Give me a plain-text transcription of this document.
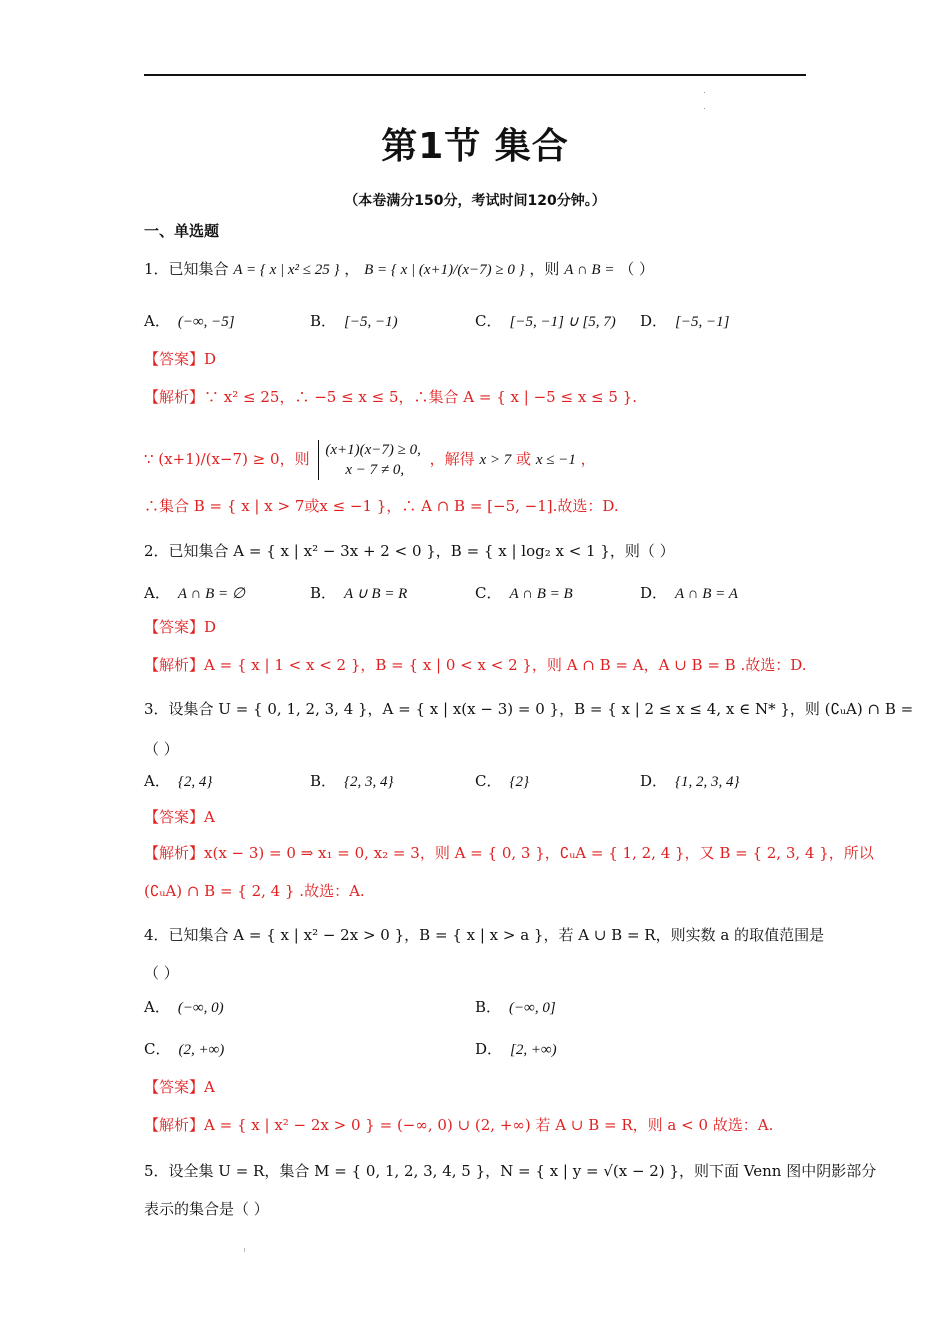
第1节 集合
（本卷满分150分，考试时间120分钟。）
一、单选题
1．已知集合 A = { x | x² ≤ 25 } ， B = { x | (x+1)/(x−7) ≥ 0 } ，则 A ∩ B = （ ）
A． (−∞, −5]	B． [−5, −1)	C． [−5, −1] ∪ [5, 7) D． [−5, −1]
【答案】D
【解析】∵ x² ≤ 25，∴ −5 ≤ x ≤ 5，∴集合 A = { x | −5 ≤ x ≤ 5 }.
∵ (x+1)/(x−7) ≥ 0，则 (x+1)(x−7) ≥ 0,
x − 7 ≠ 0,
，解得 x > 7 或 x ≤ −1 ，
∴集合 B = { x | x > 7或x ≤ −1 }，∴ A ∩ B = [−5, −1].故选：D.
2．已知集合 A = { x | x² − 3x + 2 < 0 }，B = { x | log₂ x < 1 }，则（ ）
A． A ∩ B = ∅	B． A ∪ B = R	C． A ∩ B = B	D． A ∩ B = A
【答案】D
【解析】A = { x | 1 < x < 2 }，B = { x | 0 < x < 2 }，则 A ∩ B = A，A ∪ B = B .故选：D.
3．设集合 U = { 0, 1, 2, 3, 4 }，A = { x | x(x − 3) = 0 }，B = { x | 2 ≤ x ≤ 4, x ∈ N* }，则 (∁ᵤA) ∩ B =
（ ）
A． {2, 4}	B． {2, 3, 4}	C． {2}	D． {1, 2, 3, 4}
【答案】A
【解析】x(x − 3) = 0 ⇒ x₁ = 0, x₂ = 3，则 A = { 0, 3 }，∁ᵤA = { 1, 2, 4 }，又 B = { 2, 3, 4 }，所以
(∁ᵤA) ∩ B = { 2, 4 } .故选：A.
4．已知集合 A = { x | x² − 2x > 0 }，B = { x | x > a }，若 A ∪ B = R，则实数 a 的取值范围是
（ ）
A． (−∞, 0)	B． (−∞, 0]
C． (2, +∞)	D． [2, +∞)
【答案】A
【解析】A = { x | x² − 2x > 0 } = (−∞, 0) ∪ (2, +∞) 若 A ∪ B = R，则 a < 0 故选：A.
5．设全集 U = R，集合 M = { 0, 1, 2, 3, 4, 5 }，N = { x | y = √(x − 2) }，则下面 Venn 图中阴影部分
表示的集合是（ ）
